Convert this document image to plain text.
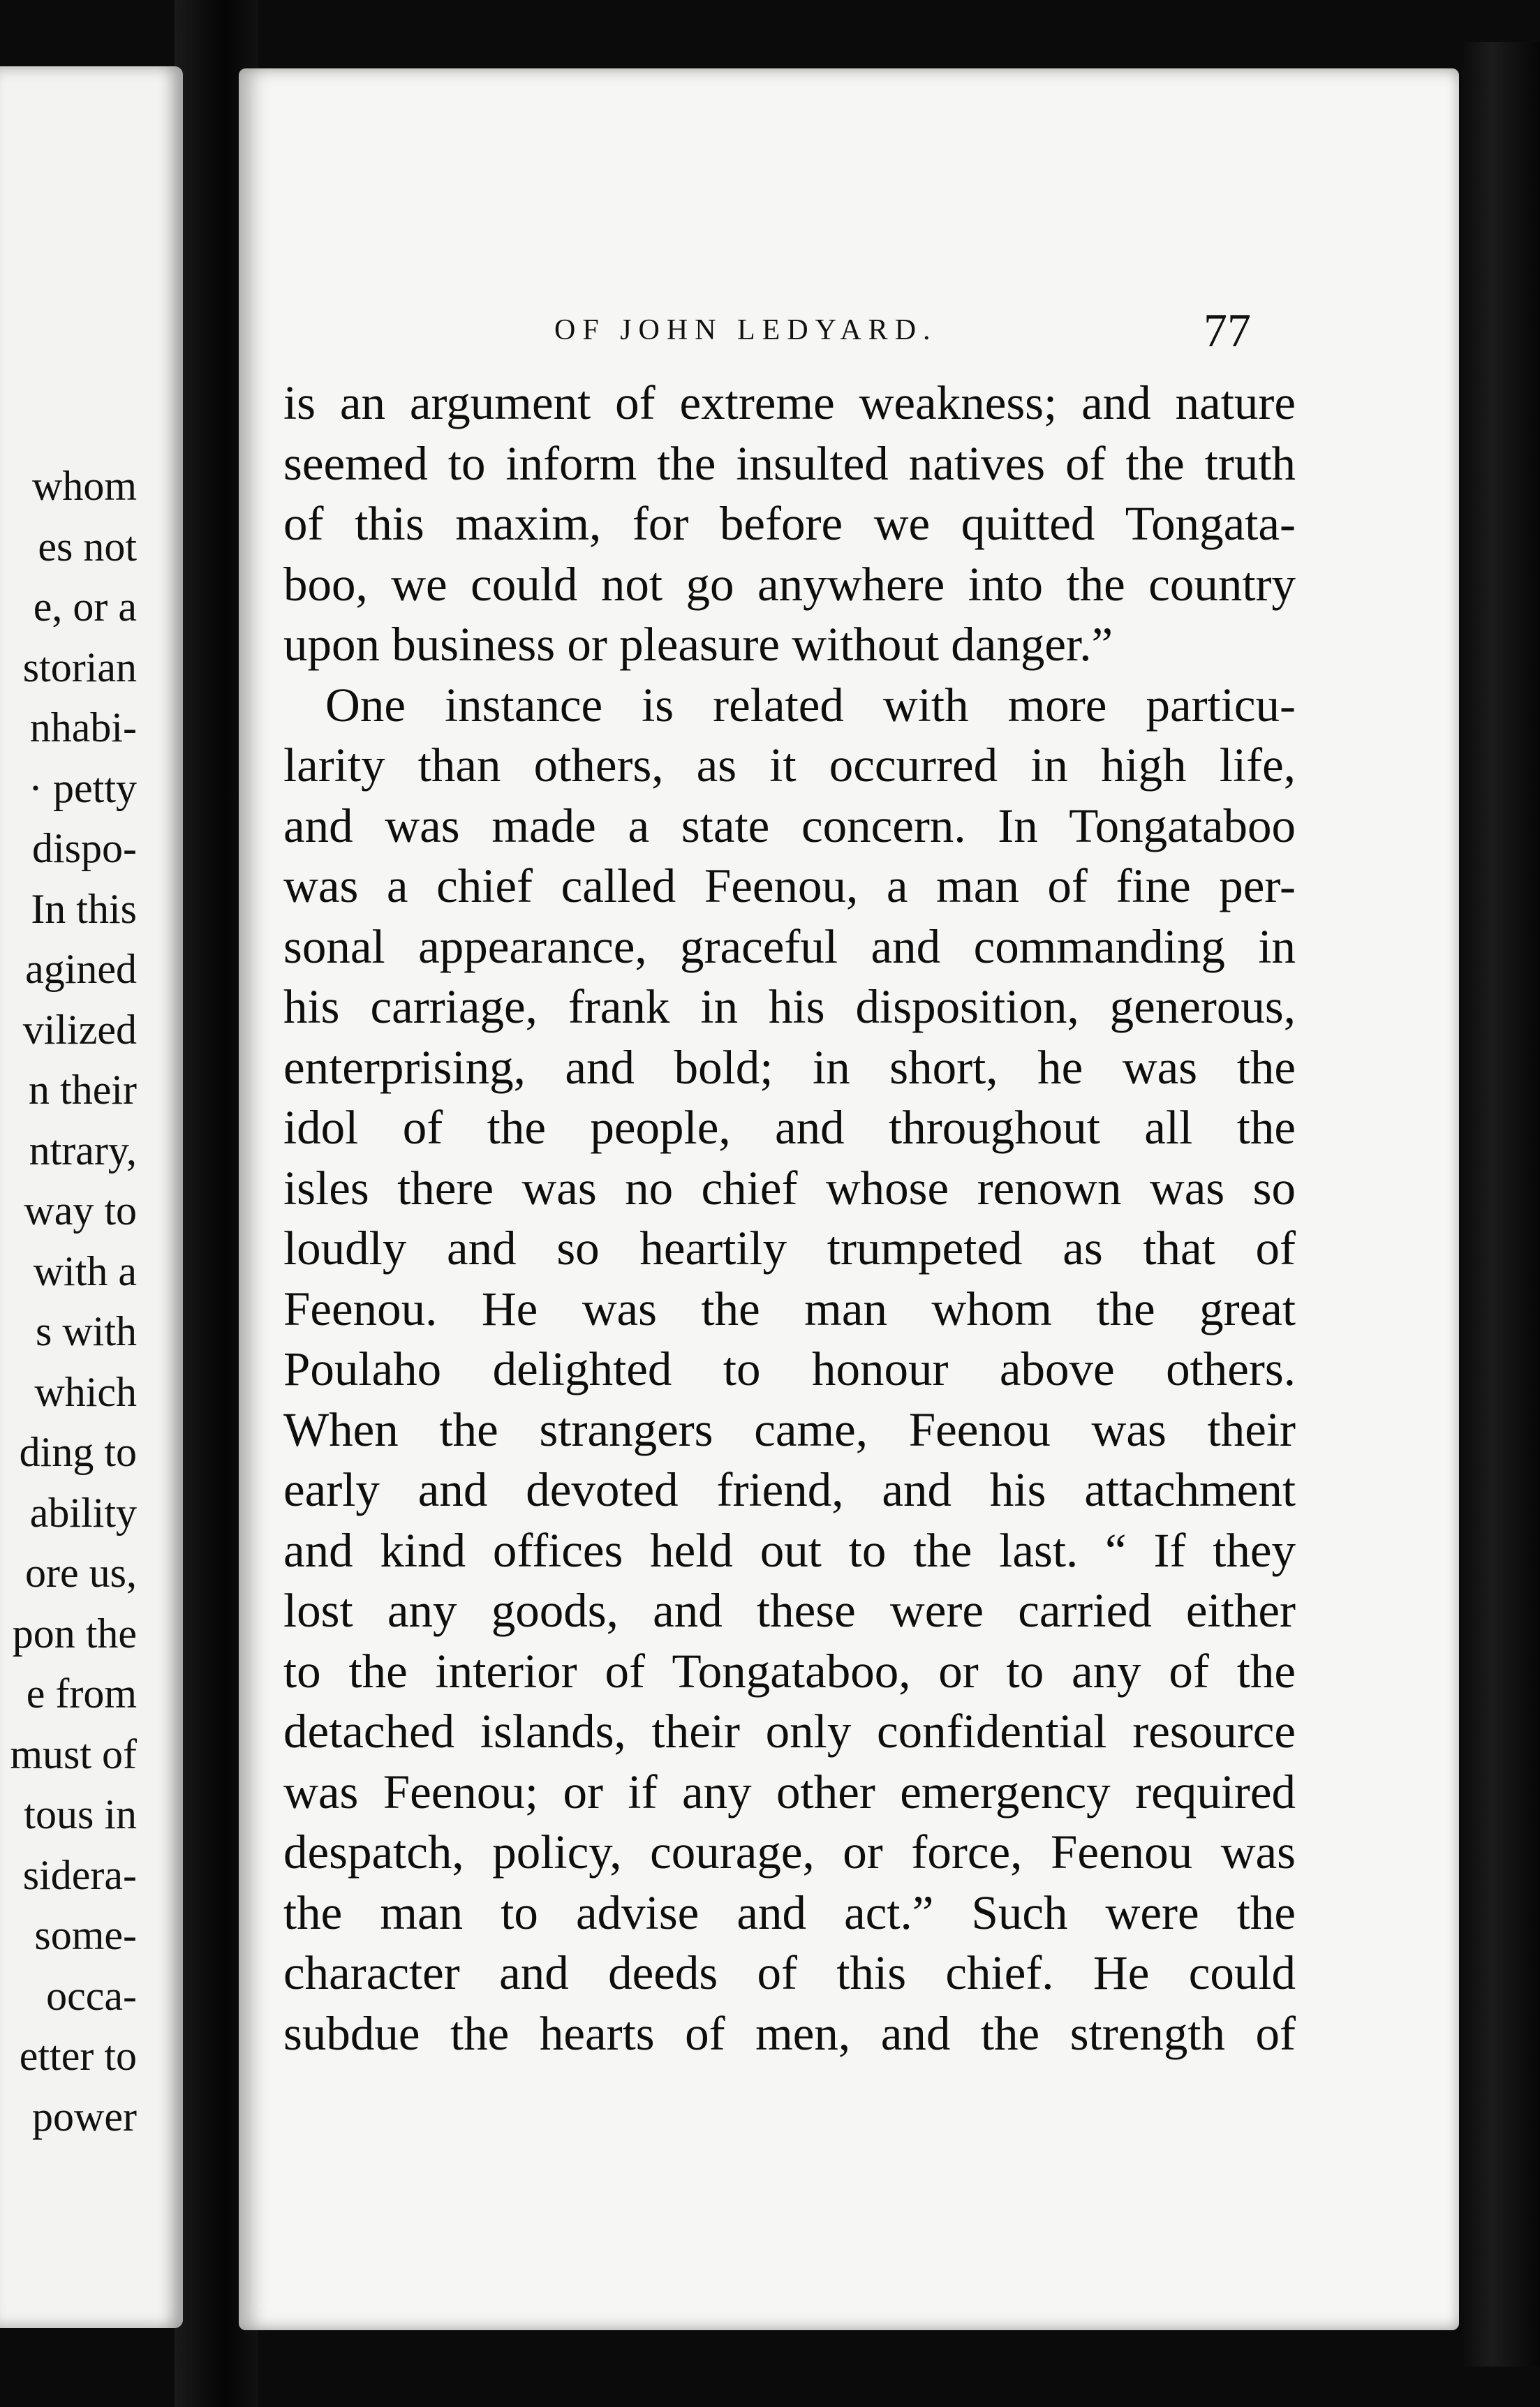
whom
es not
e, or a
storian
nhabi-
· petty
dispo-
In this
agined
vilized
n their
ntrary,
way to
with a
s with
which
ding to
ability
ore us,
pon the
e from
must of
tous in
sidera-
some-
occa-
etter to
power
OF JOHN LEDYARD.	77
is an argument of extreme weakness; and nature
seemed to inform the insulted natives of the truth
of this maxim, for before we quitted Tongata-
boo, we could not go anywhere into the country
upon business or pleasure without danger.”
One instance is related with more particu-
larity than others, as it occurred in high life,
and was made a state concern. In Tongataboo
was a chief called Feenou, a man of fine per-
sonal appearance, graceful and commanding in
his carriage, frank in his disposition, generous,
enterprising, and bold; in short, he was the
idol of the people, and throughout all the
isles there was no chief whose renown was so
loudly and so heartily trumpeted as that of
Feenou. He was the man whom the great
Poulaho delighted to honour above others.
When the strangers came, Feenou was their
early and devoted friend, and his attachment
and kind offices held out to the last. “ If they
lost any goods, and these were carried either
to the interior of Tongataboo, or to any of the
detached islands, their only confidential resource
was Feenou; or if any other emergency required
despatch, policy, courage, or force, Feenou was
the man to advise and act.” Such were the
character and deeds of this chief. He could
subdue the hearts of men, and the strength of
